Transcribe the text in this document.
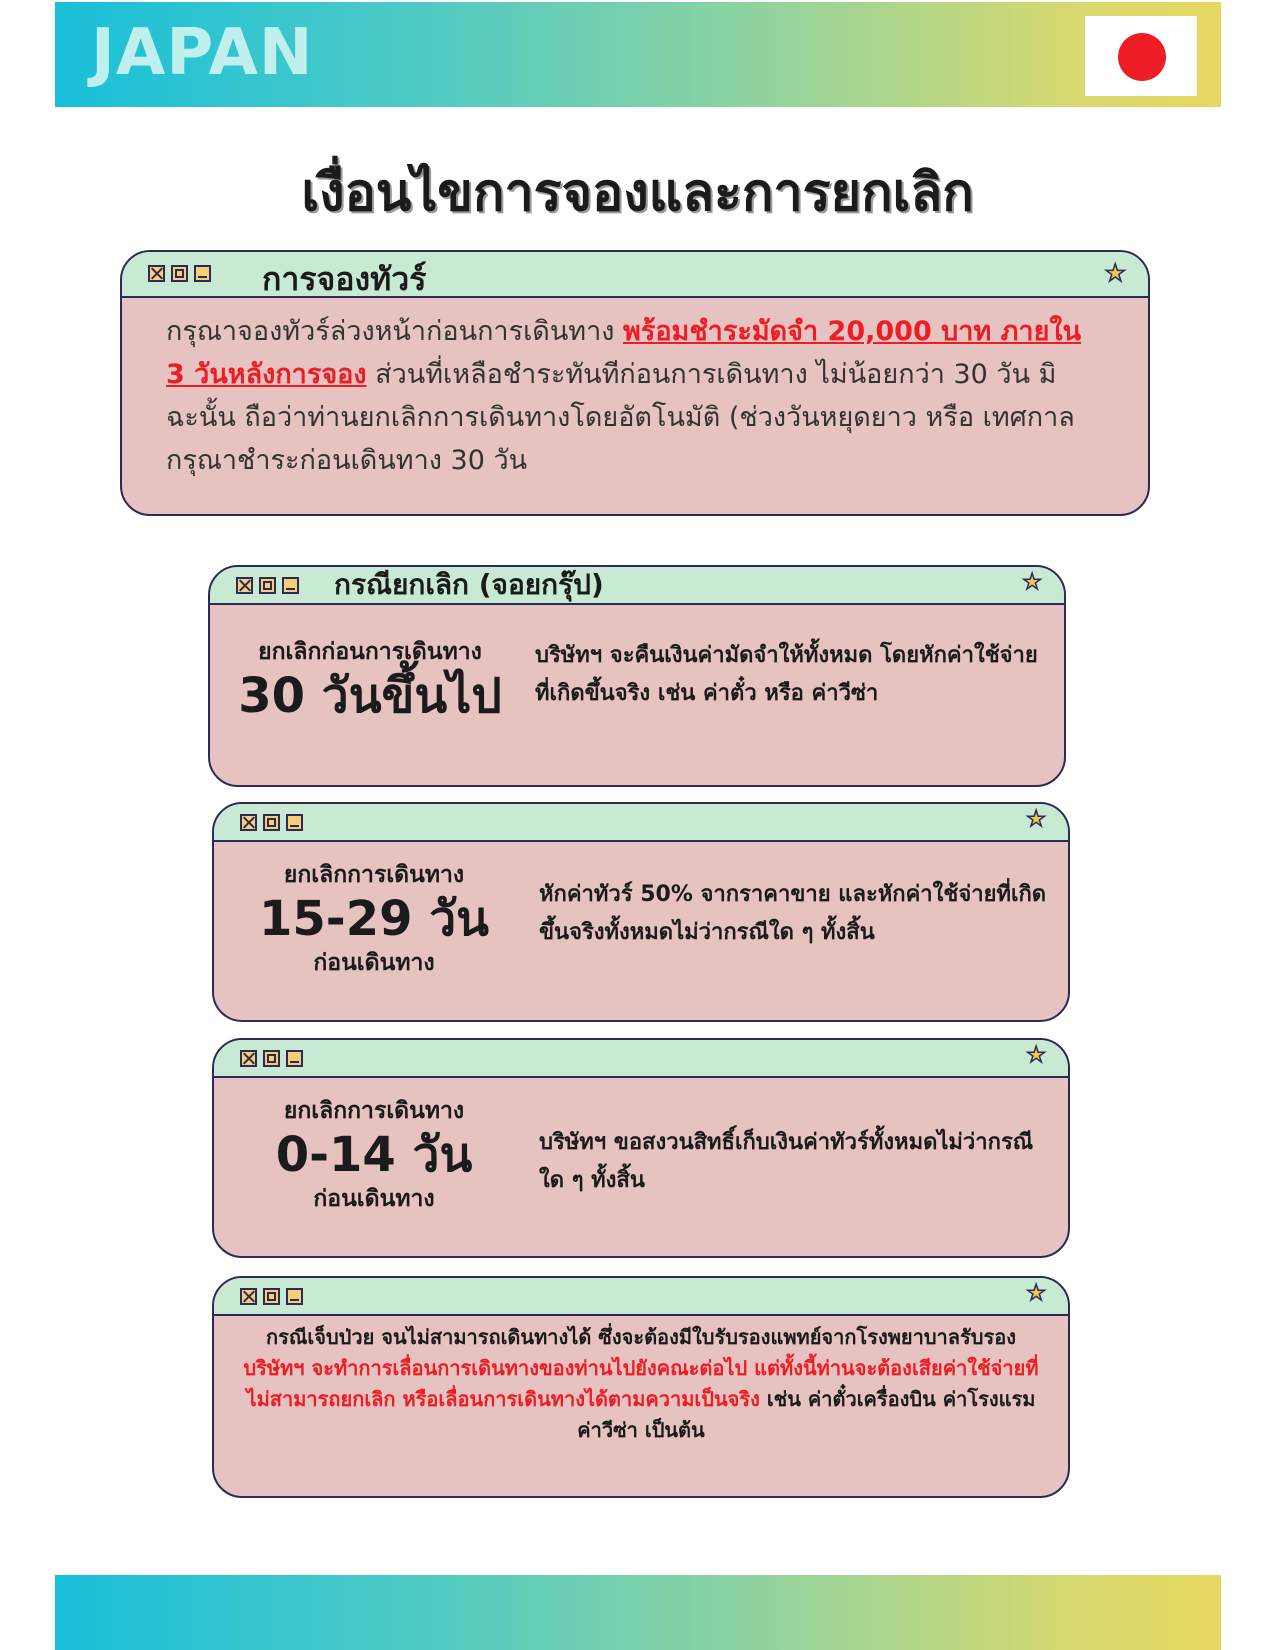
JAPAN
เงื่อนไขการจองและการยกเลิก
การจองทัวร์	★
กรุณาจองทัวร์ล่วงหน้าก่อนการเดินทาง พร้อมชำระมัดจำ 20,000 บาท ภายใน 3 วันหลังการจอง ส่วนที่เหลือชำระทันทีก่อนการเดินทาง ไม่น้อยกว่า 30 วัน มิฉะนั้น ถือว่าท่านยกเลิกการเดินทางโดยอัตโนมัติ (ช่วงวันหยุดยาว หรือ เทศกาล กรุณาชำระก่อนเดินทาง 30 วัน
กรณียกเลิก (จอยกรุ๊ป)	★
ยกเลิกก่อนการเดินทาง
30 วันขึ้นไป
บริษัทฯ จะคืนเงินค่ามัดจำให้ทั้งหมด โดยหักค่าใช้จ่ายที่เกิดขึ้นจริง เช่น ค่าตั๋ว หรือ ค่าวีซ่า
★
ยกเลิกการเดินทาง
15-29 วัน
ก่อนเดินทาง
หักค่าทัวร์ 50% จากราคาขาย และหักค่าใช้จ่ายที่เกิดขึ้นจริงทั้งหมดไม่ว่ากรณีใด ๆ ทั้งสิ้น
★
ยกเลิกการเดินทาง
0-14 วัน
ก่อนเดินทาง
บริษัทฯ ขอสงวนสิทธิ์เก็บเงินค่าทัวร์ทั้งหมดไม่ว่ากรณีใด ๆ ทั้งสิ้น
★
กรณีเจ็บป่วย จนไม่สามารถเดินทางได้ ซึ่งจะต้องมีใบรับรองแพทย์จากโรงพยาบาลรับรอง บริษัทฯ จะทำการเลื่อนการเดินทางของท่านไปยังคณะต่อไป แต่ทั้งนี้ท่านจะต้องเสียค่าใช้จ่ายที่ไม่สามารถยกเลิก หรือเลื่อนการเดินทางได้ตามความเป็นจริง เช่น ค่าตั๋วเครื่องบิน ค่าโรงแรม ค่าวีซ่า เป็นต้น
